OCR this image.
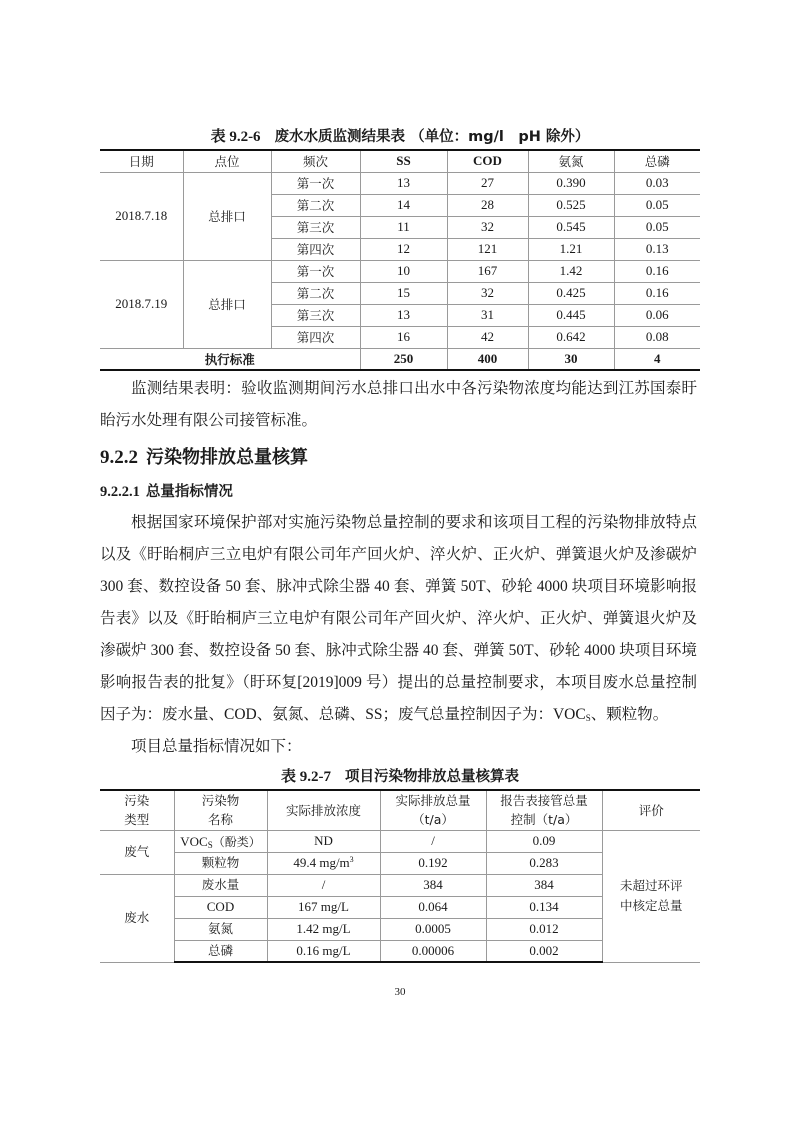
表 9.2-6 废水水质监测结果表 （单位：mg/l　pH 除外）
日期	点位	频次	SS	COD	氨氮	总磷
2018.7.18	总排口	第一次	13	27	0.390	0.03
		第二次	14	28	0.525	0.05
		第三次	11	32	0.545	0.05
		第四次	12	121	1.21	0.13
2018.7.19	总排口	第一次	10	167	1.42	0.16
		第二次	15	32	0.425	0.16
		第三次	13	31	0.445	0.06
		第四次	16	42	0.642	0.08
执行标准			250	400	30	4

监测结果表明：验收监测期间污水总排口出水中各污染物浓度均能达到江苏国泰盱眙污水处理有限公司接管标准。

9.2.2 污染物排放总量核算
9.2.2.1 总量指标情况

根据国家环境保护部对实施污染物总量控制的要求和该项目工程的污染物排放特点以及《盱眙桐庐三立电炉有限公司年产回火炉、淬火炉、正火炉、弹簧退火炉及渗碳炉 300 套、数控设备 50 套、脉冲式除尘器 40 套、弹簧 50T、砂轮 4000 块项目环境影响报告表》以及《盱眙桐庐三立电炉有限公司年产回火炉、淬火炉、正火炉、弹簧退火炉及渗碳炉 300 套、数控设备 50 套、脉冲式除尘器 40 套、弹簧 50T、砂轮 4000 块项目环境影响报告表的批复》（盱环复[2019]009 号）提出的总量控制要求，本项目废水总量控制因子为：废水量、COD、氨氮、总磷、SS；废气总量控制因子为：$VOC_S$、颗粒物。

项目总量指标情况如下：

表 9.2-7 项目污染物排放总量核算表
污染
类型	污染物
名称	实际排放浓度	实际排放总量
（t/a）	报告表接管总量
控制（t/a）	评价
废气	$VOC_S$（酚类）	ND	/	0.09	未超过环评
中核定总量
	颗粒物	49.4 $mg/m^3$	0.192	0.283	
废水	废水量	/	384	384	
	COD	167 mg/L	0.064	0.134	
	氨氮	1.42 mg/L	0.0005	0.012	
	总磷	0.16 mg/L	0.00006	0.002	
30
